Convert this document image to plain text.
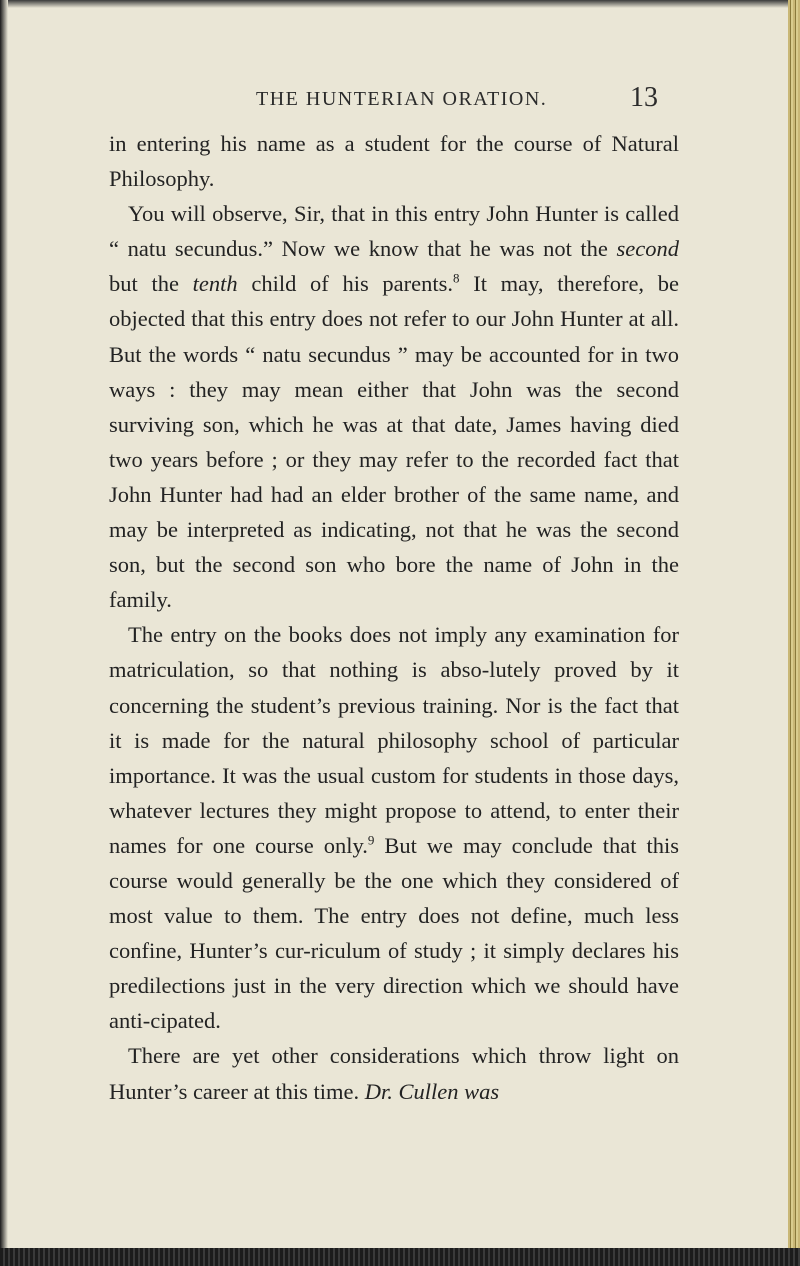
THE HUNTERIAN ORATION.	13

in entering his name as a student for the course of Natural Philosophy.

You will observe, Sir, that in this entry John Hunter is called “ natu secundus.” Now we know that he was not the second but the tenth child of his parents.$^8$ It may, therefore, be objected that this entry does not refer to our John Hunter at all. But the words “ natu secundus ” may be accounted for in two ways : they may mean either that John was the second surviving son, which he was at that date, James having died two years before ; or they may refer to the recorded fact that John Hunter had had an elder brother of the same name, and may be interpreted as indicating, not that he was the second son, but the second son who bore the name of John in the family.

The entry on the books does not imply any examination for matriculation, so that nothing is abso-lutely proved by it concerning the student’s previous training. Nor is the fact that it is made for the natural philosophy school of particular importance. It was the usual custom for students in those days, whatever lectures they might propose to attend, to enter their names for one course only.$^9$ But we may conclude that this course would generally be the one which they considered of most value to them. The entry does not define, much less confine, Hunter’s cur-riculum of study ; it simply declares his predilections just in the very direction which we should have anti-cipated.

There are yet other considerations which throw light on Hunter’s career at this time. Dr. Cullen was
